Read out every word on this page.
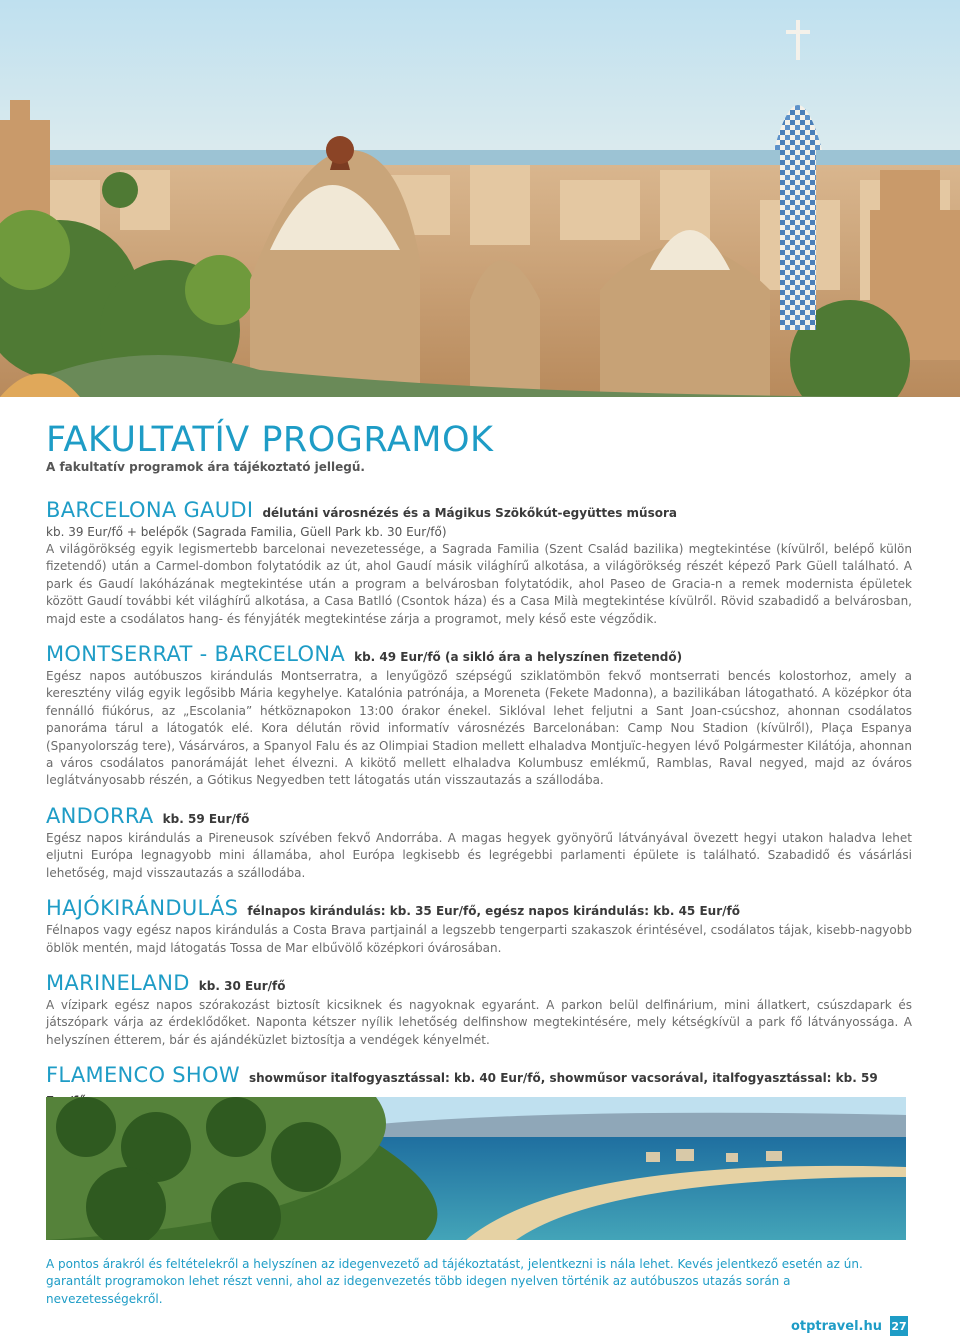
FAKULTATÍV PROGRAMOK

A fakultatív programok ára tájékoztató jellegű.

BARCELONA GAUDI délutáni városnézés és a Mágikus Szökőkút-együttes műsora

kb. 39 Eur/fő + belépők (Sagrada Familia, Güell Park kb. 30 Eur/fő)

A világörökség egyik legismertebb barcelonai nevezetessége, a Sagrada Familia (Szent Család bazilika) megtekintése (kívülről, belépő külön fizetendő) után a Carmel-dombon folytatódik az út, ahol Gaudí másik világhírű alkotása, a világörökség részét képező Park Güell található. A park és Gaudí lakóházának megtekintése után a program a belvárosban folytatódik, ahol Paseo de Gracia-n a remek modernista épületek között Gaudí további két világhírű alkotása, a Casa Batlló (Csontok háza) és a Casa Milà megtekintése kívülről. Rövid szabadidő a belvárosban, majd este a csodálatos hang- és fényjáték megtekintése zárja a programot, mely késő este végződik.

MONTSERRAT - BARCELONA kb. 49 Eur/fő (a sikló ára a helyszínen fizetendő)

Egész napos autóbuszos kirándulás Montserratra, a lenyűgöző szépségű sziklatömbön fekvő montserrati bencés kolostorhoz, amely a keresztény világ egyik legősibb Mária kegyhelye. Katalónia patrónája, a Moreneta (Fekete Madonna), a bazilikában látogatható. A középkor óta fennálló fiúkórus, az „Escolania” hétköznapokon 13:00 órakor énekel. Siklóval lehet feljutni a Sant Joan-csúcshoz, ahonnan csodálatos panoráma tárul a látogatók elé. Korа délután rövid informatív városnézés Barcelonában: Camp Nou Stadion (kívülről), Plaça Espanya (Spanyolország tere), Vásárváros, a Spanyol Falu és az Olimpiai Stadion mellett elhaladva Montjuïc-hegyen lévő Polgármester Kilátója, ahonnan a város csodálatos panorámáját lehet élvezni. A kikötő mellett elhaladva Kolumbusz emlékmű, Ramblas, Raval negyed, majd az óváros leglátványosabb részén, a Gótikus Negyedben tett látogatás után visszautazás a szállodába.

ANDORRA kb. 59 Eur/fő

Egész napos kirándulás a Pireneusok szívében fekvő Andorrába. A magas hegyek gyönyörű látványával övezett hegyi utakon haladva lehet eljutni Európa legnagyobb mini államába, ahol Európa legkisebb és legrégebbi parlamenti épülete is található. Szabadidő és vásárlási lehetőség, majd visszautazás a szállodába.

HAJÓKIRÁNDULÁS félnapos kirándulás: kb. 35 Eur/fő, egész napos kirándulás: kb. 45 Eur/fő

Félnapos vagy egész napos kirándulás a Costa Brava partjainál a legszebb tengerparti szakaszok érintésével, csodálatos tájak, kisebb-nagyobb öblök mentén, majd látogatás Tossa de Mar elbűvölő középkori óvárosában.

MARINELAND kb. 30 Eur/fő

A vízipark egész napos szórakozást biztosít kicsiknek és nagyoknak egyaránt. A parkon belül delfinárium, mini állatkert, csúszdapark és játszópark várja az érdeklődőket. Naponta kétszer nyílik lehetőség delfinshow megtekintésére, mely kétségkívül a park fő látványossága. A helyszínen étterem, bár és ajándéküzlet biztosítja a vendégek kényelmét.

FLAMENCO SHOW showműsor italfogyasztással: kb. 40 Eur/fő, showműsor vacsorával, italfogyasztással: kb. 59

A pontos árakról és feltételekről a helyszínen az idegenvezető ad tájékoztatást, jelentkezni is nála lehet. Kevés jelentkező esetén az ún. garantált programokon lehet részt venni, ahol az idegenvezetés több idegen nyelven történik az autóbuszos utazás során a nevezetességekről.

otptravel.hu 27
